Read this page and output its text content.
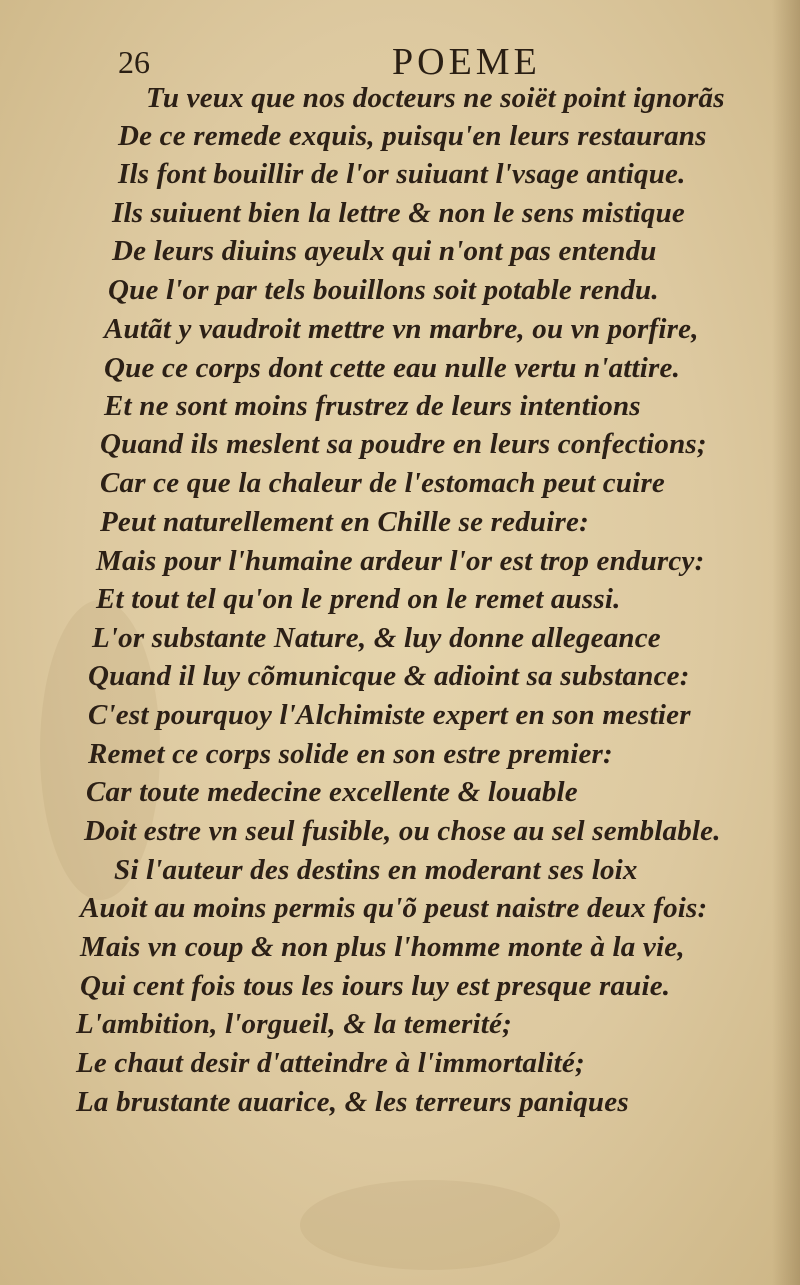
26	POEME
Tu veux que nos docteurs ne soiët point ignorãs
De ce remede exquis, puisqu'en leurs restaurans
Ils font bouillir de l'or suiuant l'vsage antique.
Ils suiuent bien la lettre & non le sens mistique
De leurs diuins ayeulx qui n'ont pas entendu
Que l'or par tels bouillons soit potable rendu.
Autãt y vaudroit mettre vn marbre, ou vn porfire,
Que ce corps dont cette eau nulle vertu n'attire.
Et ne sont moins frustrez de leurs intentions
Quand ils meslent sa poudre en leurs confections;
Car ce que la chaleur de l'estomach peut cuire
Peut naturellement en Chille se reduire:
Mais pour l'humaine ardeur l'or est trop endurcy:
Et tout tel qu'on le prend on le remet aussi.
L'or substante Nature, & luy donne allegeance
Quand il luy cõmunicque & adioint sa substance:
C'est pourquoy l'Alchimiste expert en son mestier
Remet ce corps solide en son estre premier:
Car toute medecine excellente & louable
Doit estre vn seul fusible, ou chose au sel semblable.
Si l'auteur des destins en moderant ses loix
Auoit au moins permis qu'õ peust naistre deux fois:
Mais vn coup & non plus l'homme monte à la vie,
Qui cent fois tous les iours luy est presque rauie.
L'ambition, l'orgueil, & la temerité;
Le chaut desir d'atteindre à l'immortalité;
La brustante auarice, & les terreurs paniques
